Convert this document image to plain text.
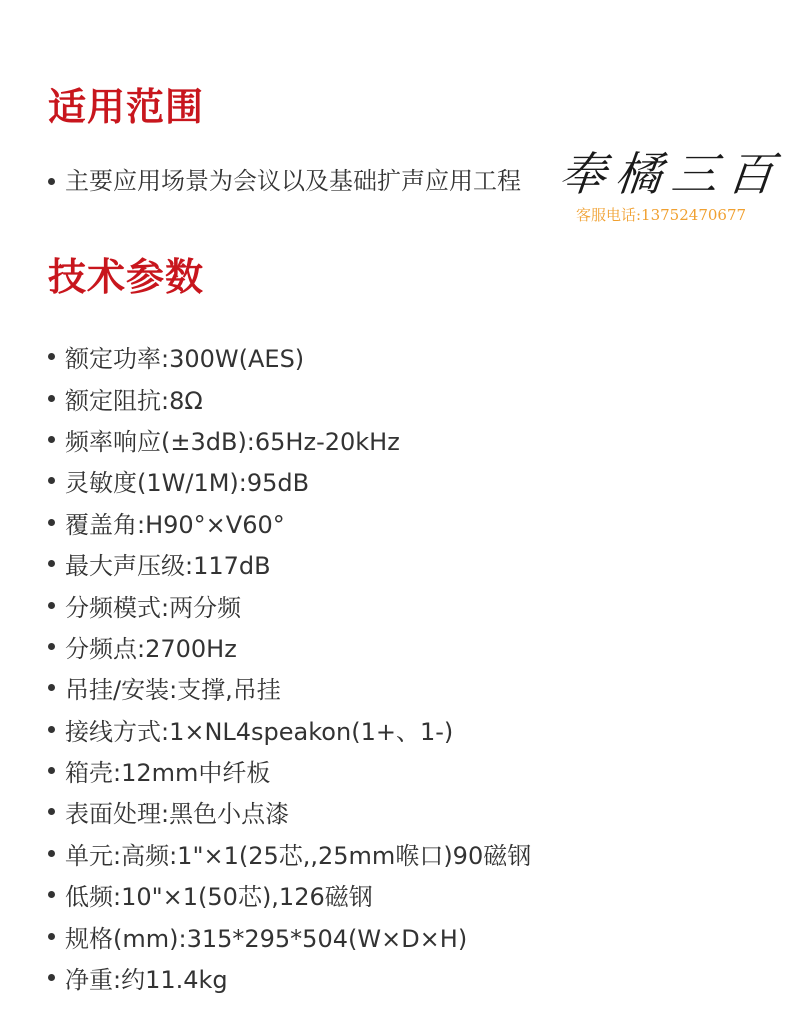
适用范围
主要应用场景为会议以及基础扩声应用工程
技术参数
额定功率:300W(AES)
额定阻抗:8Ω
频率响应(±3dB):65Hz-20kHz
灵敏度(1W/1M):95dB
覆盖角:H90°×V60°
最大声压级:117dB
分频模式:两分频
分频点:2700Hz
吊挂/安装:支撑,吊挂
接线方式:1×NL4speakon(1+、1-)
箱壳:12mm中纤板
表面处理:黑色小点漆
单元:高频:1"×1(25芯,,25mm喉口)90磁钢
低频:10"×1(50芯),126磁钢
规格(mm):315*295*504(W×D×H)
净重:约11.4kg
奉橘三百
客服电话:13752470677
